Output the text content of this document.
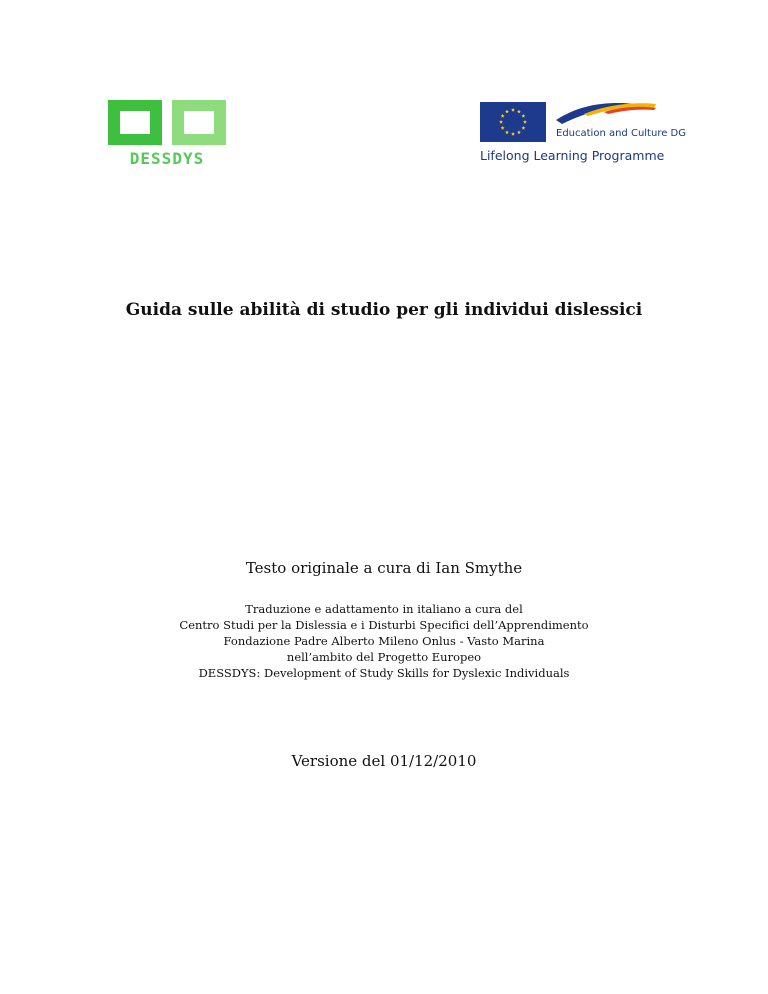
DESSDYS
Education and Culture DG
Lifelong Learning Programme
Guida sulle abilità di studio per gli individui dislessici
Testo originale a cura di Ian Smythe
Traduzione e adattamento in italiano a cura del
Centro Studi per la Dislessia e i Disturbi Specifici dell’Apprendimento
Fondazione Padre Alberto Mileno Onlus - Vasto Marina
nell’ambito del Progetto Europeo
DESSDYS: Development of Study Skills for Dyslexic Individuals
Versione del 01/12/2010
